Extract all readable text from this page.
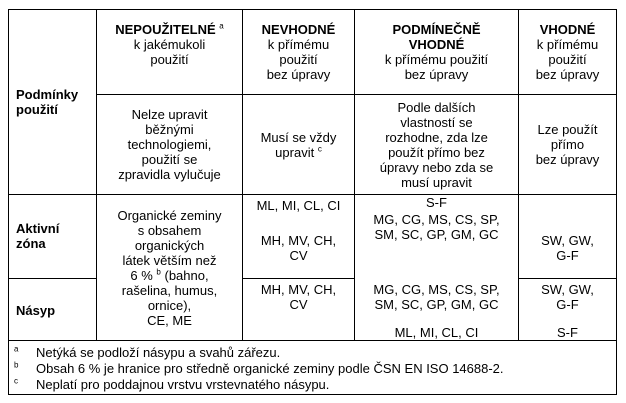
NEPOUŽITELNÉ $^a$
k jakémukoli
použití
NEVHODNÉ
k přímému
použití
bez úpravy
PODMÍNEČNĚ
VHODNÉ
k přímému použití
bez úpravy
VHODNÉ
k přímému
použití
bez úpravy
Podmínky
použití	Nelze upravit
běžnými
technologiemi,
použití se
zpravidla vylučuje
Musí se vždy
upravit $^c$
Podle dalších
vlastností se
rozhodne, zda lze
použít přímo bez
úpravy nebo zda se
musí upravit
Lze použít
přímo
bez úpravy
Aktivní
zóna
Organické zeminy
s obsahem
organických
látek větším než
6 % $^b$ (bahno,
rašelina, humus,
ornice),
CE, ME
ML, MI, CL, CI
MH, MV, CH,
CV
S-F
MG, CG, MS, CS, SP,
SM, SC, GP, GM, GC	SW, GW,
G-F
Násyp
MH, MV, CH,
CV
MG, CG, MS, CS, SP,
SM, SC, GP, GM, GC
ML, MI, CL, CI
SW, GW,
G-F
S-F
$^a$ Netýká se podloží násypu a svahů zářezu.
$^b$ Obsah 6 % je hranice pro středně organické zeminy podle ČSN EN ISO 14688-2.
$^c$ Neplatí pro poddajnou vrstvu vrstevnatého násypu.
